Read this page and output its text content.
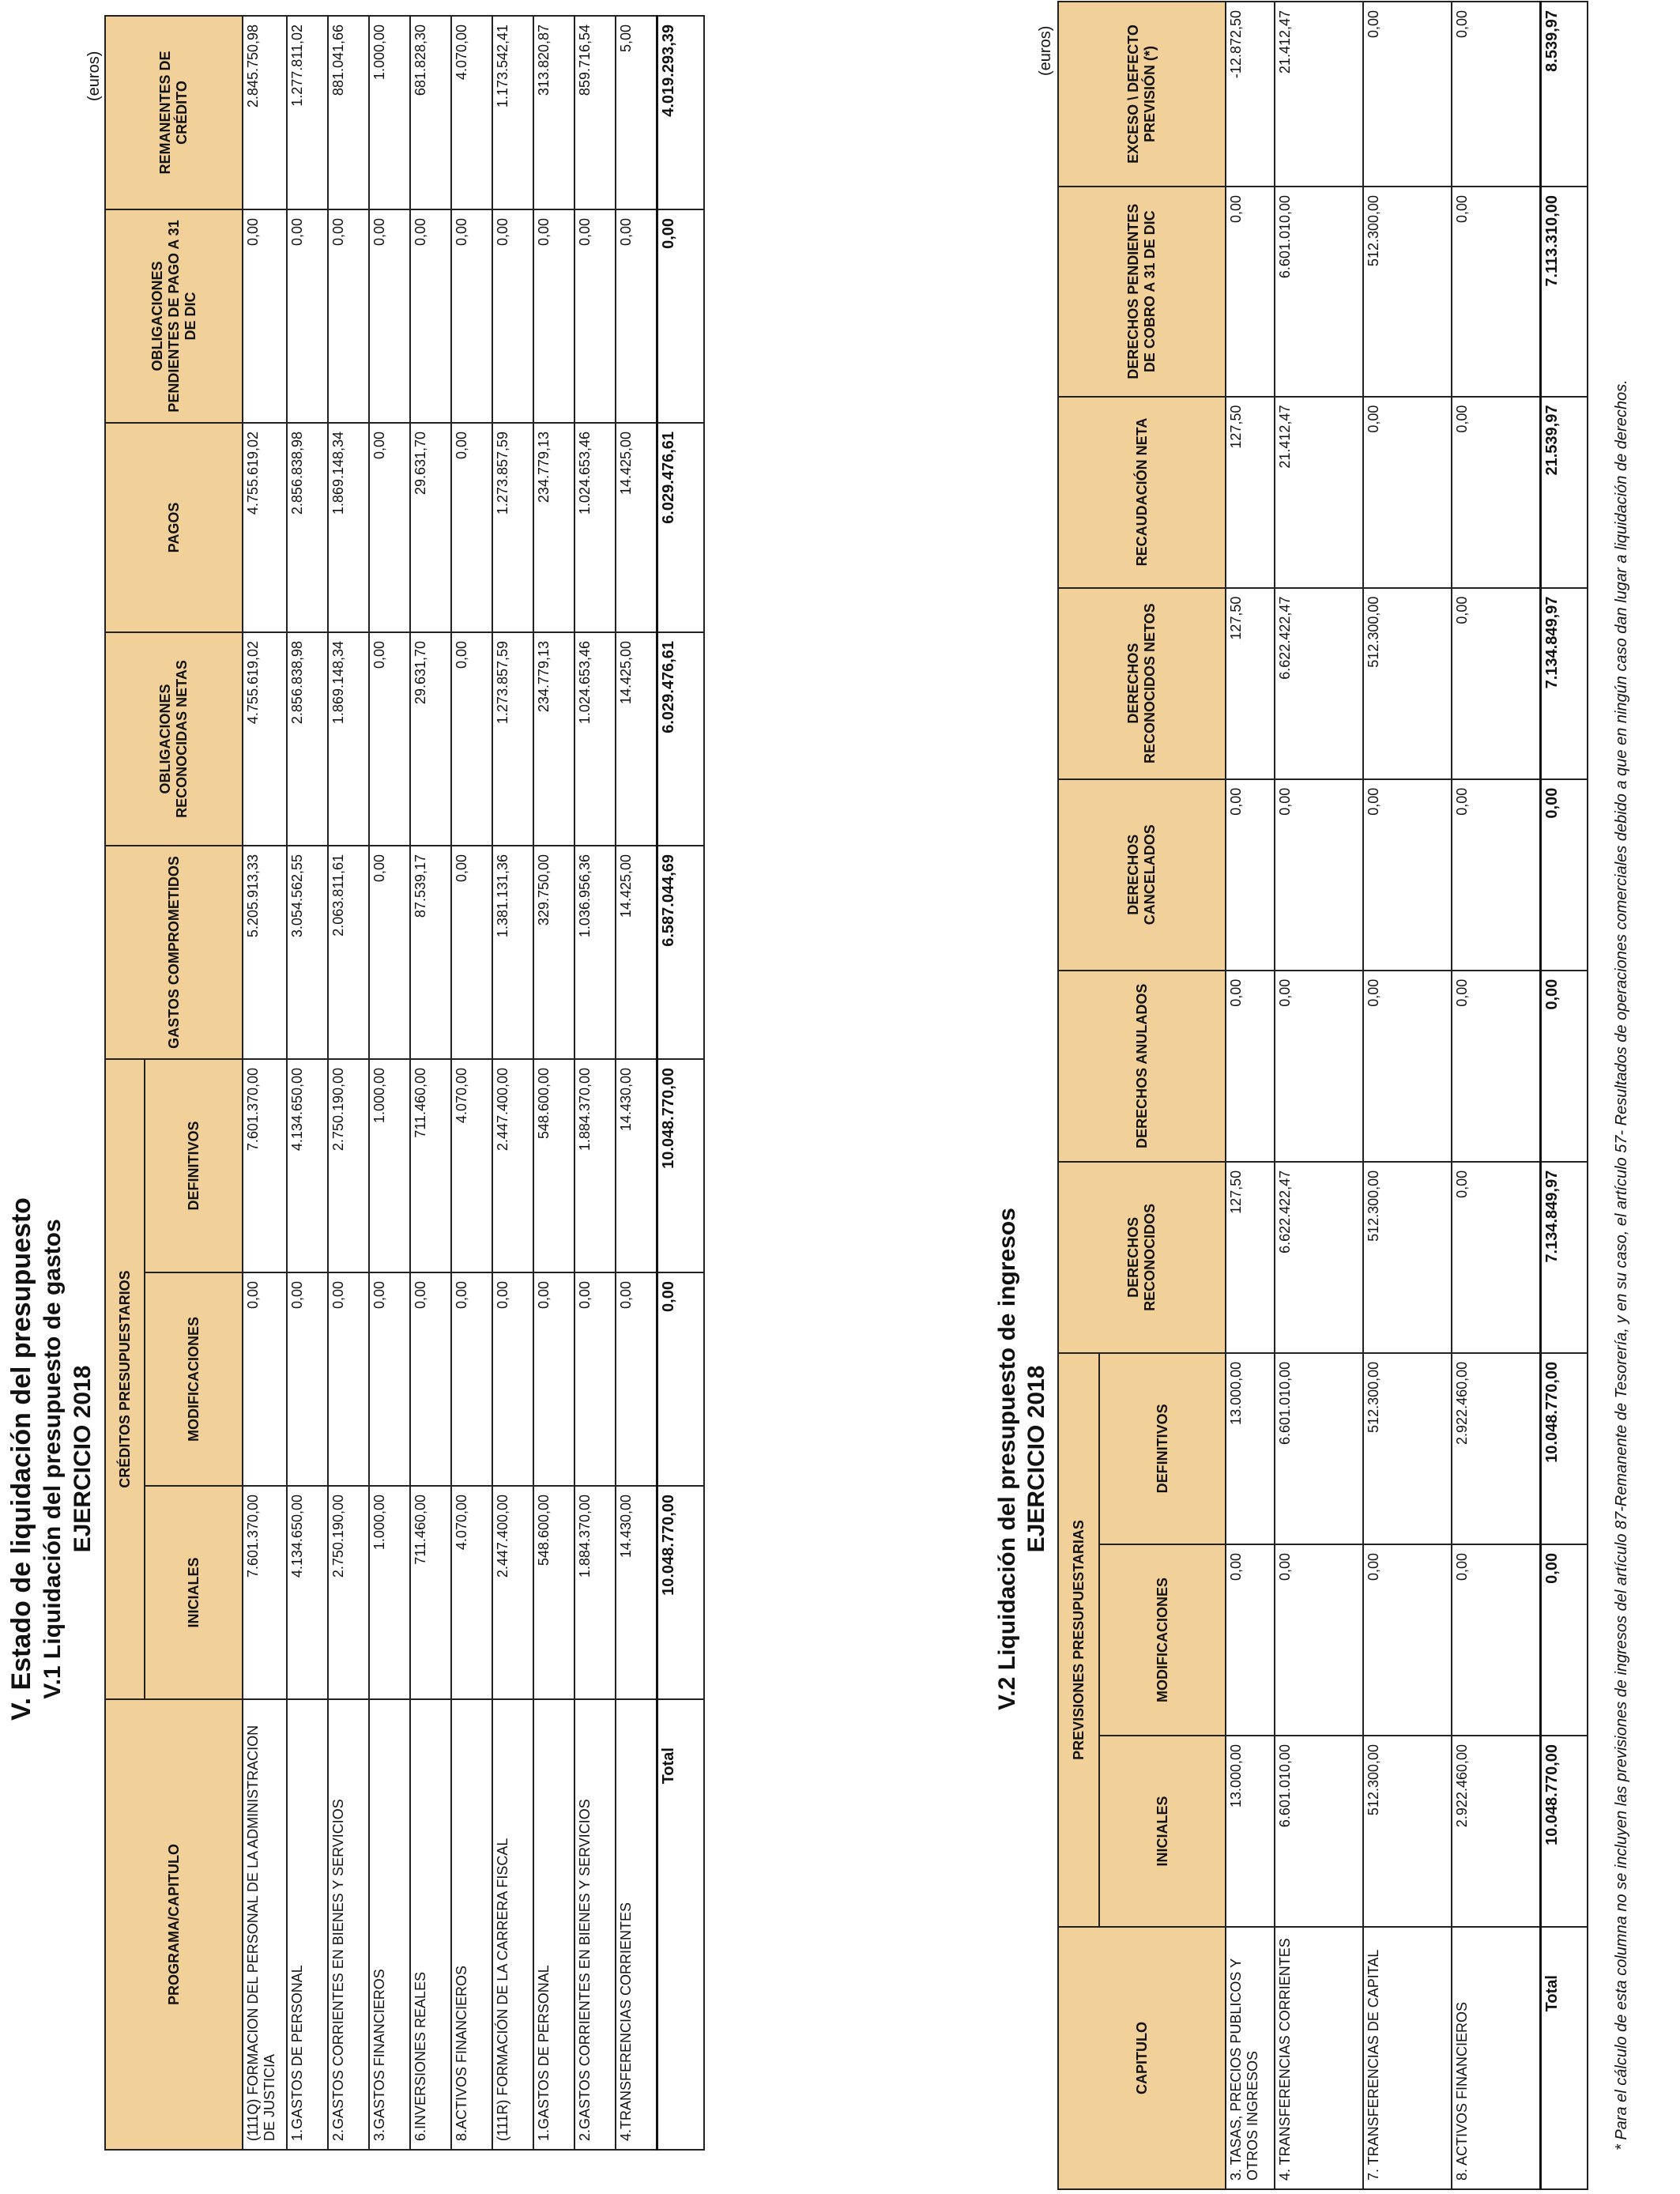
V. Estado de liquidación del presupuesto V.1 Liquidación del presupuesto de gastos EJERCICIO 2018
(euros)
PROGRAMA/CAPITULO	CRÉDITOS PRESUPUESTARIOS			GASTOS COMPROMETIDOS	OBLIGACIONES RECONOCIDAS NETAS	PAGOS	OBLIGACIONES PENDIENTES DE PAGO A 31 DE DIC	REMANENTES DE CRÉDITO
	INICIALES	MODIFICACIONES	DEFINITIVOS					
(111Q) FORMACION DEL PERSONAL DE LA ADMINISTRACION DE JUSTICIA	7.601.370,00	0,00	7.601.370,00	5.205.913,33	4.755.619,02	4.755.619,02	0,00	2.845.750,98
1.GASTOS DE PERSONAL	4.134.650,00	0,00	4.134.650,00	3.054.562,55	2.856.838,98	2.856.838,98	0,00	1.277.811,02
2.GASTOS CORRIENTES EN BIENES Y SERVICIOS	2.750.190,00	0,00	2.750.190,00	2.063.811,61	1.869.148,34	1.869.148,34	0,00	881.041,66
3.GASTOS FINANCIEROS	1.000,00	0,00	1.000,00	0,00	0,00	0,00	0,00	1.000,00
6.INVERSIONES REALES	711.460,00	0,00	711.460,00	87.539,17	29.631,70	29.631,70	0,00	681.828,30
8.ACTIVOS FINANCIEROS	4.070,00	0,00	4.070,00	0,00	0,00	0,00	0,00	4.070,00
(111R) FORMACIÓN DE LA CARRERA FISCAL	2.447.400,00	0,00	2.447.400,00	1.381.131,36	1.273.857,59	1.273.857,59	0,00	1.173.542,41
1.GASTOS DE PERSONAL	548.600,00	0,00	548.600,00	329.750,00	234.779,13	234.779,13	0,00	313.820,87
2.GASTOS CORRIENTES EN BIENES Y SERVICIOS	1.884.370,00	0,00	1.884.370,00	1.036.956,36	1.024.653,46	1.024.653,46	0,00	859.716,54
4.TRANSFERENCIAS CORRIENTES	14.430,00	0,00	14.430,00	14.425,00	14.425,00	14.425,00	0,00	5,00
Total	10.048.770,00	0,00	10.048.770,00	6.587.044,69	6.029.476,61	6.029.476,61	0,00	4.019.293,39
V.2 Liquidación del presupuesto de ingresos EJERCICIO 2018
(euros)
CAPITULO	PREVISIONES PRESUPUESTARIAS			DERECHOS RECONOCIDOS	DERECHOS ANULADOS	DERECHOS CANCELADOS	DERECHOS RECONOCIDOS NETOS	RECAUDACIÓN NETA	DERECHOS PENDIENTES DE COBRO A 31 DE DIC	EXCESO \ DEFECTO PREVISIÓN (*)
	INICIALES	MODIFICACIONES	DEFINITIVOS							
3. TASAS, PRECIOS PUBLICOS Y OTROS INGRESOS	13.000,00	0,00	13.000,00	127,50	0,00	0,00	127,50	127,50	0,00	-12.872,50
4. TRANSFERENCIAS CORRIENTES	6.601.010,00	0,00	6.601.010,00	6.622.422,47	0,00	0,00	6.622.422,47	21.412,47	6.601.010,00	21.412,47
7. TRANSFERENCIAS DE CAPITAL	512.300,00	0,00	512.300,00	512.300,00	0,00	0,00	512.300,00	0,00	512.300,00	0,00
8. ACTIVOS FINANCIEROS	2.922.460,00	0,00	2.922.460,00	0,00	0,00	0,00	0,00	0,00	0,00	0,00
Total	10.048.770,00	0,00	10.048.770,00	7.134.849,97	0,00	0,00	7.134.849,97	21.539,97	7.113.310,00	8.539,97
* Para el cálculo de esta columna no se incluyen las previsiones de ingresos del artículo 87-Remanente de Tesorería, y en su caso, el artículo 57- Resultados de operaciones comerciales debido a que en ningún caso dan lugar a liquidación de derechos.
